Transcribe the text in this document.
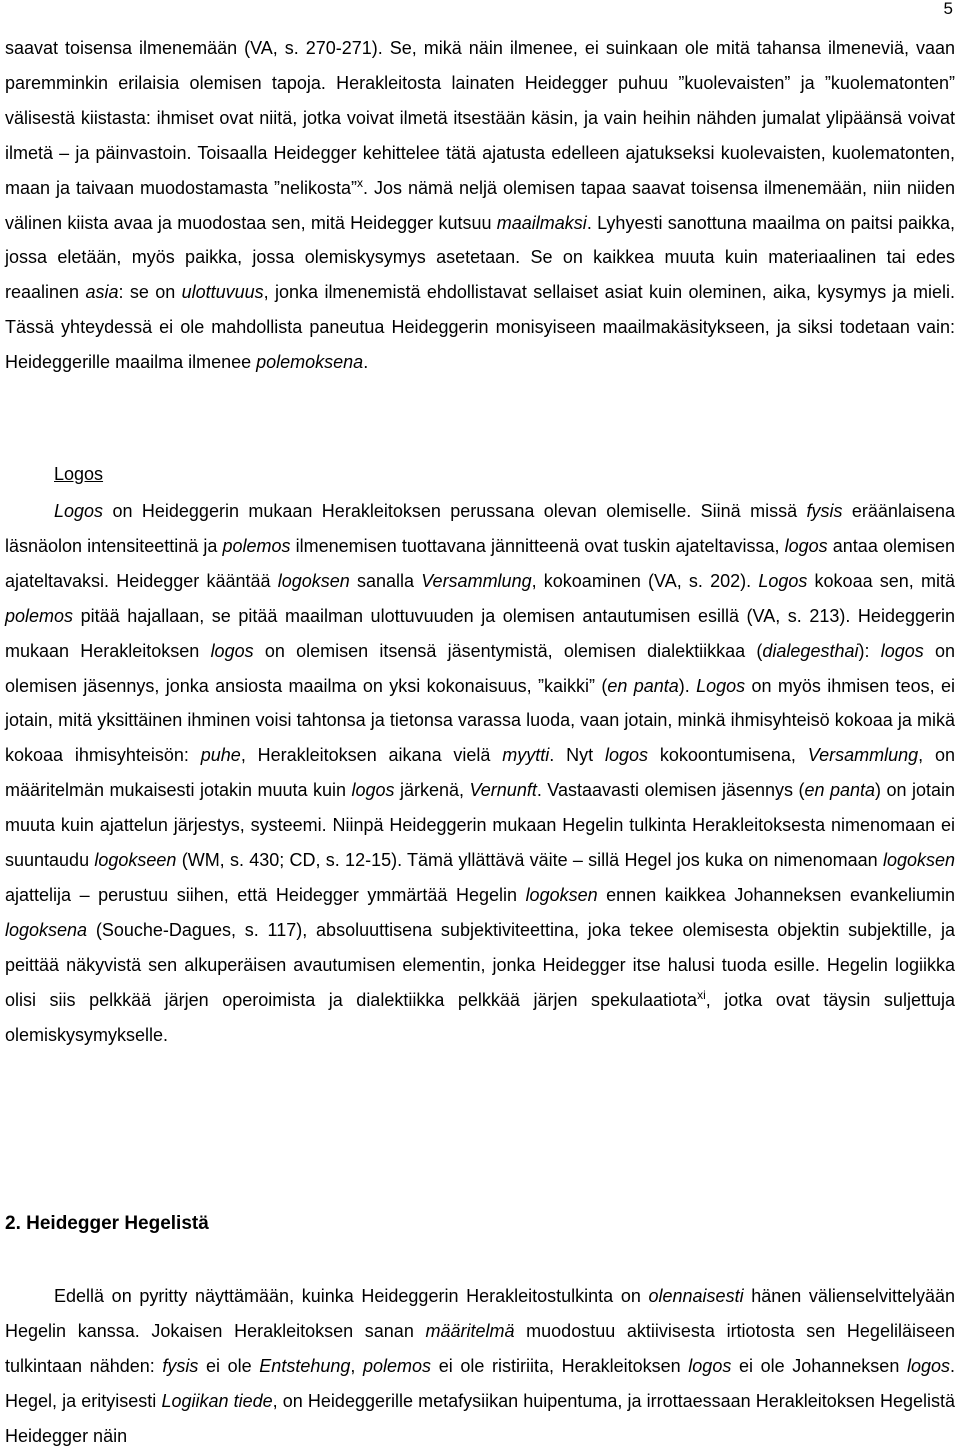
5

saavat toisensa ilmenemään (VA, s. 270-271). Se, mikä näin ilmenee, ei suinkaan ole mitä tahansa ilmeneviä, vaan paremminkin erilaisia olemisen tapoja. Herakleitosta lainaten Heidegger puhuu ”kuolevaisten” ja ”kuolematonten” välisestä kiistasta: ihmiset ovat niitä, jotka voivat ilmetä itsestään käsin, ja vain heihin nähden jumalat ylipäänsä voivat ilmetä – ja päinvastoin. Toisaalla Heidegger kehittelee tätä ajatusta edelleen ajatukseksi kuolevaisten, kuolematonten, maan ja taivaan muodostamasta ”nelikosta”$^x$. Jos nämä neljä olemisen tapaa saavat toisensa ilmenemään, niin niiden välinen kiista avaa ja muodostaa sen, mitä Heidegger kutsuu maailmaksi. Lyhyesti sanottuna maailma on paitsi paikka, jossa eletään, myös paikka, jossa olemiskysymys asetetaan. Se on kaikkea muuta kuin materiaalinen tai edes reaalinen asia: se on ulottuvuus, jonka ilmenemistä ehdollistavat sellaiset asiat kuin oleminen, aika, kysymys ja mieli. Tässä yhteydessä ei ole mahdollista paneutua Heideggerin monisyiseen maailmakäsitykseen, ja siksi todetaan vain: Heideggerille maailma ilmenee polemoksena.

Logos

Logos on Heideggerin mukaan Herakleitoksen perussana olevan olemiselle. Siinä missä fysis eräänlaisena läsnäolon intensiteettinä ja polemos ilmenemisen tuottavana jännitteenä ovat tuskin ajateltavissa, logos antaa olemisen ajateltavaksi. Heidegger kääntää logoksen sanalla Versammlung, kokoaminen (VA, s. 202). Logos kokoaa sen, mitä polemos pitää hajallaan, se pitää maailman ulottuvuuden ja olemisen antautumisen esillä (VA, s. 213). Heideggerin mukaan Herakleitoksen logos on olemisen itsensä jäsentymistä, olemisen dialektiikkaa (dialegesthai): logos on olemisen jäsennys, jonka ansiosta maailma on yksi kokonaisuus, ”kaikki” (en panta). Logos on myös ihmisen teos, ei jotain, mitä yksittäinen ihminen voisi tahtonsa ja tietonsa varassa luoda, vaan jotain, minkä ihmisyhteisö kokoaa ja mikä kokoaa ihmisyhteisön: puhe, Herakleitoksen aikana vielä myytti. Nyt logos kokoontumisena, Versammlung, on määritelmän mukaisesti jotakin muuta kuin logos järkenä, Vernunft. Vastaavasti olemisen jäsennys (en panta) on jotain muuta kuin ajattelun järjestys, systeemi. Niinpä Heideggerin mukaan Hegelin tulkinta Herakleitoksesta nimenomaan ei suuntaudu logokseen (WM, s. 430; CD, s. 12-15). Tämä yllättävä väite – sillä Hegel jos kuka on nimenomaan logoksen ajattelija – perustuu siihen, että Heidegger ymmärtää Hegelin logoksen ennen kaikkea Johanneksen evankeliumin logoksena (Souche-Dagues, s. 117), absoluuttisena subjektiviteettina, joka tekee olemisesta objektin subjektille, ja peittää näkyvistä sen alkuperäisen avautumisen elementin, jonka Heidegger itse halusi tuoda esille. Hegelin logiikka olisi siis pelkkää järjen operoimista ja dialektiikka pelkkää järjen spekulaatiota$^{xi}$, jotka ovat täysin suljettuja olemiskysymykselle.

2. Heidegger Hegelistä

Edellä on pyritty näyttämään, kuinka Heideggerin Herakleitostulkinta on olennaisesti hänen välienselvittelyään Hegelin kanssa. Jokaisen Herakleitoksen sanan määritelmä muodostuu aktiivisesta irtiotosta sen Hegeliläiseen tulkintaan nähden: fysis ei ole Entstehung, polemos ei ole ristiriita, Herakleitoksen logos ei ole Johanneksen logos. Hegel, ja erityisesti Logiikan tiede, on Heideggerille metafysiikan huipentuma, ja irrottaessaan Herakleitoksen Hegelistä Heidegger näin
